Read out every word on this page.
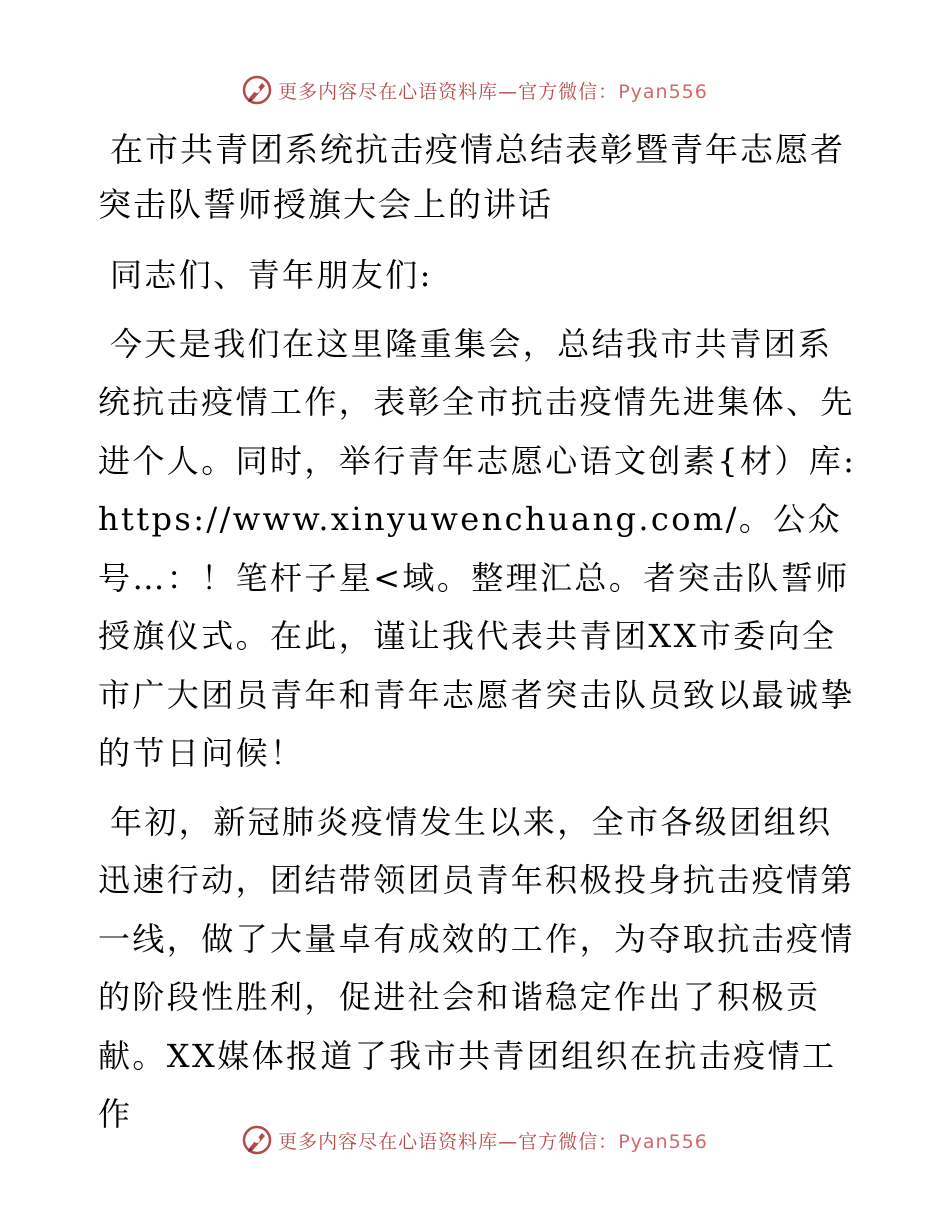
更多内容尽在心语资料库—官方微信：Pyan556
在市共青团系统抗击疫情总结表彰暨青年志愿者
突击队誓师授旗大会上的讲话

同志们、青年朋友们:

今天是我们在这里隆重集会，总结我市共青团系
统抗击疫情工作，表彰全市抗击疫情先进集体、先进个人。同时，举行青年志愿心语文创素{材）库: https://www.xinyuwenchuang.com/。公众号…：！笔杆子星<域。整理汇总。者突击队誓师授旗仪式。在此，谨让我代表共青团XX市委向全市广大团员青年和青年志愿者突击队员致以最诚挚的节日问候！

年初，新冠肺炎疫情发生以来，全市各级团组织
迅速行动，团结带领团员青年积极投身抗击疫情第一线，做了大量卓有成效的工作，为夺取抗击疫情的阶段性胜利，促进社会和谐稳定作出了积极贡献。XX媒体报道了我市共青团组织在抗击疫情工作

更多内容尽在心语资料库—官方微信：Pyan556
